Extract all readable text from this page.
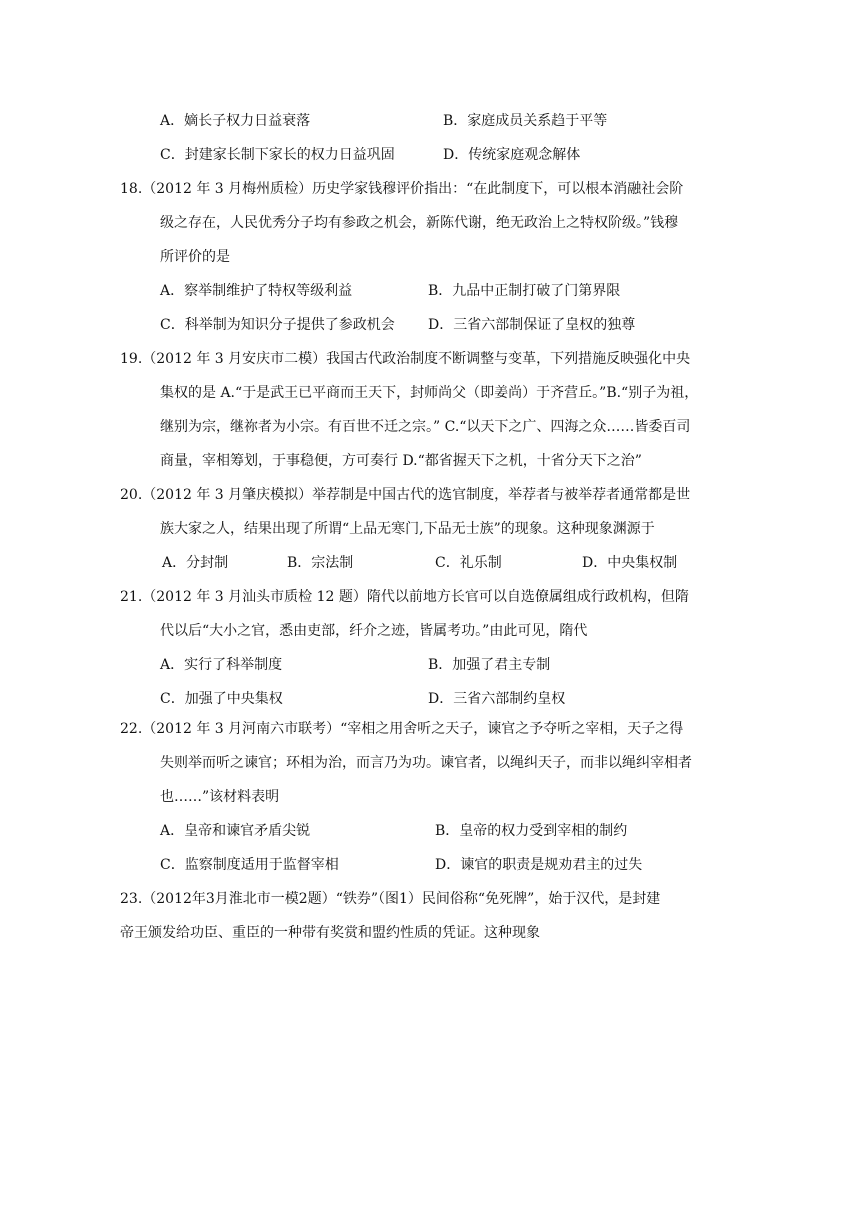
A．嫡长子权力日益衰落	B．家庭成员关系趋于平等
C．封建家长制下家长的权力日益巩固	D．传统家庭观念解体
18.（2012 年 3 月梅州质检）历史学家钱穆评价指出：“在此制度下，可以根本消融社会阶
级之存在，人民优秀分子均有参政之机会，新陈代谢，绝无政治上之特权阶级。”钱穆
所评价的是
A．察举制维护了特权等级利益	B．九品中正制打破了门第界限
C．科举制为知识分子提供了参政机会 D．三省六部制保证了皇权的独尊
19.（2012 年 3 月安庆市二模）我国古代政治制度不断调整与变革，下列措施反映强化中央
集权的是 A.“于是武王已平商而王天下，封师尚父（即姜尚）于齐营丘。”B.“别子为祖，
继别为宗，继祢者为小宗。有百世不迁之宗。” C.“以天下之广、四海之众……皆委百司
商量，宰相筹划，于事稳便，方可奏行 D.“都省握天下之机，十省分天下之治”
20.（2012 年 3 月肇庆模拟）举荐制是中国古代的选官制度，举荐者与被举荐者通常都是世
族大家之人，结果出现了所谓“上品无寒门,下品无士族”的现象。这种现象渊源于
A．分封制	B．宗法制	C．礼乐制	D．中央集权制
21.（2012 年 3 月汕头市质检 12 题）隋代以前地方长官可以自选僚属组成行政机构，但隋
代以后“大小之官，悉由吏部，纤介之迹，皆属考功。”由此可见，隋代
A．实行了科举制度	B．加强了君主专制
C．加强了中央集权	D．三省六部制约皇权
22.（2012 年 3 月河南六市联考）“宰相之用舍听之天子，谏官之予夺听之宰相，天子之得
失则举而听之谏官；环相为治，而言乃为功。谏官者，以绳纠天子，而非以绳纠宰相者
也……”该材料表明
A．皇帝和谏官矛盾尖锐	B．皇帝的权力受到宰相的制约
C．监察制度适用于监督宰相	D．谏官的职责是规劝君主的过失
23.（2012年3月淮北市一模2题）“铁券”（图1）民间俗称“免死牌”，始于汉代，是封建
帝王颁发给功臣、重臣的一种带有奖赏和盟约性质的凭证。这种现象
